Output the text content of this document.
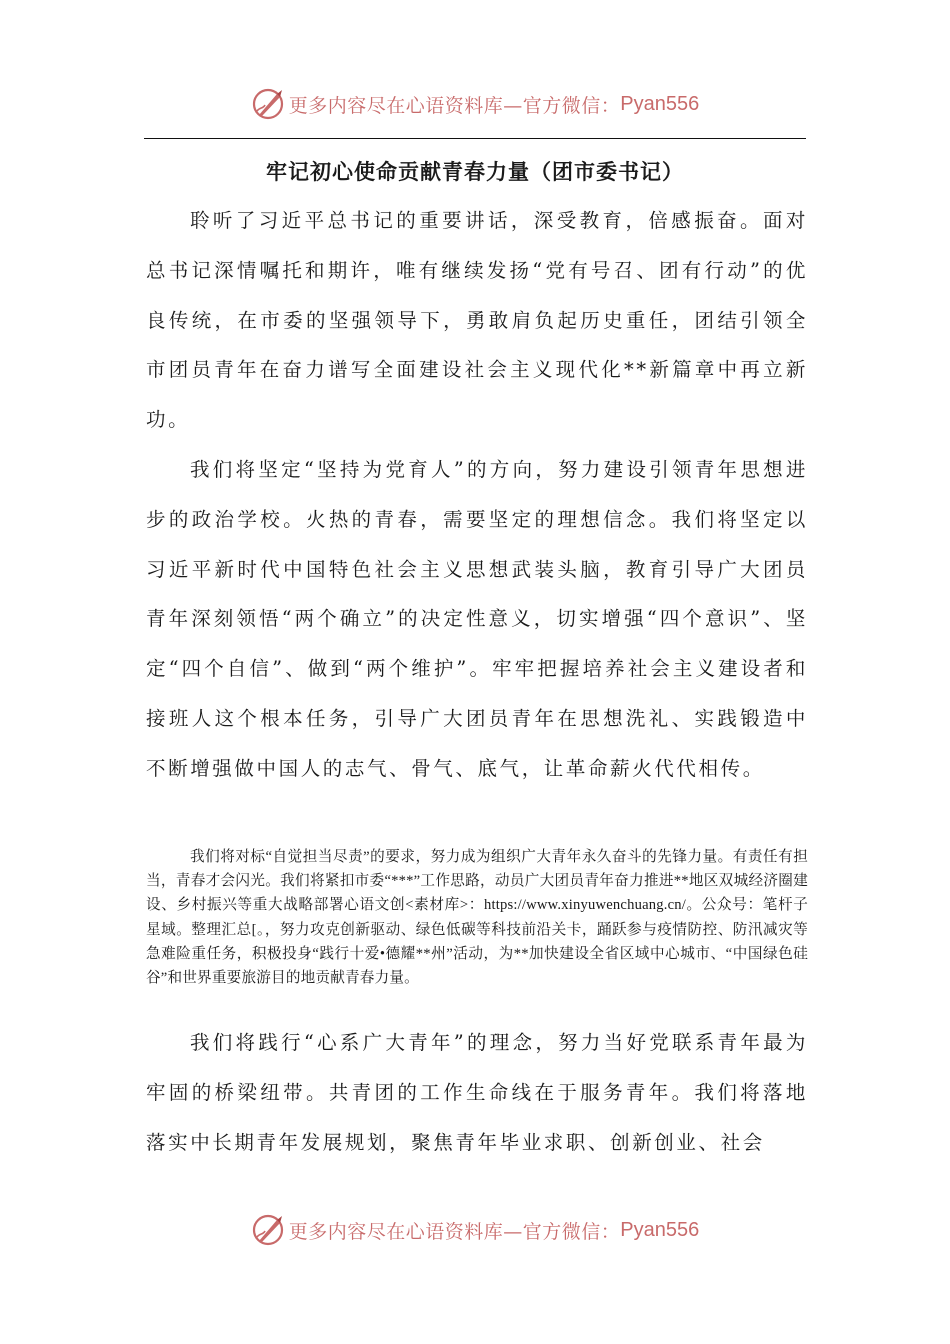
更多内容尽在心语资料库—官方微信： Pyan556
牢记初心使命贡献青春力量（团市委书记）

聆听了习近平总书记的重要讲话，深受教育，倍感振奋。面对总书记深情嘱托和期许，唯有继续发扬“党有号召、团有行动”的优良传统，在市委的坚强领导下，勇敢肩负起历史重任，团结引领全市团员青年在奋力谱写全面建设社会主义现代化**新篇章中再立新功。

我们将坚定“坚持为党育人”的方向，努力建设引领青年思想进步的政治学校。火热的青春，需要坚定的理想信念。我们将坚定以习近平新时代中国特色社会主义思想武装头脑，教育引导广大团员青年深刻领悟“两个确立”的决定性意义，切实增强“四个意识”、坚定“四个自信”、做到“两个维护”。牢牢把握培养社会主义建设者和接班人这个根本任务，引导广大团员青年在思想洗礼、实践锻造中不断增强做中国人的志气、骨气、底气，让革命薪火代代相传。

我们将对标“自觉担当尽责”的要求，努力成为组织广大青年永久奋斗的先锋力量。有责任有担当，青春才会闪光。我们将紧扣市委“***”工作思路，动员广大团员青年奋力推进**地区双城经济圈建设、乡村振兴等重大战略部署心语文创<素材库>：https://www.xinyuwenchuang.cn/。公众号：笔杆子星域。整理汇总[。，努力攻克创新驱动、绿色低碳等科技前沿关卡，踊跃参与疫情防控、防汛减灾等急难险重任务，积极投身“践行十爱•德耀**州”活动，为**加快建设全省区域中心城市、“中国绿色硅谷”和世界重要旅游目的地贡献青春力量。

我们将践行“心系广大青年”的理念，努力当好党联系青年最为牢固的桥梁纽带。共青团的工作生命线在于服务青年。我们将落地落实中长期青年发展规划，聚焦青年毕业求职、创新创业、社会

更多内容尽在心语资料库—官方微信： Pyan556
